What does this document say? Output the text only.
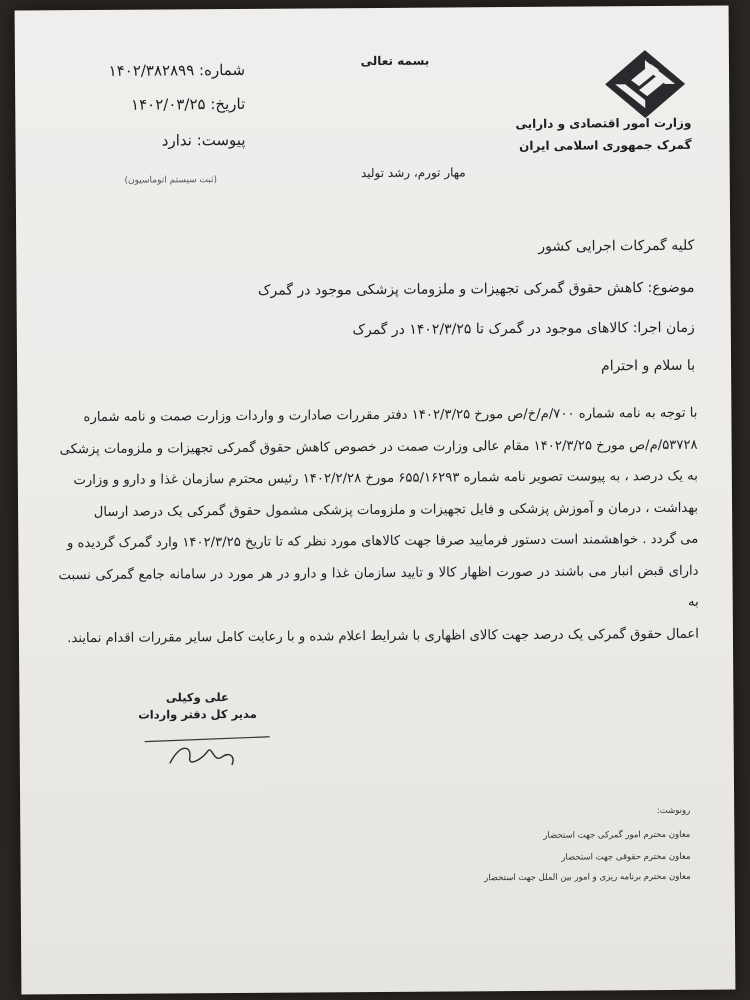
بسمه تعالی
وزارت امور اقتصادی و دارایی
گمرک جمهوری اسلامی ایران
شماره: ۱۴۰۲/۳۸۲۸۹۹
تاریخ: ۱۴۰۲/۰۳/۲۵
پیوست: ندارد
(ثبت سیستم اتوماسیون)
مهار تورم، رشد تولید
کلیه گمرکات اجرایی کشور
موضوع: کاهش حقوق گمرکی تجهیزات و ملزومات پزشکی موجود در گمرک
زمان اجرا: کالاهای موجود در گمرک تا ۱۴۰۲/۳/۲۵ در گمرک
با سلام و احترام
با توجه به نامه شماره ۷۰۰/م/خ/ص مورخ ۱۴۰۲/۳/۲۵ دفتر مقررات صادارت و واردات وزارت صمت و نامه شماره
۵۳۷۲۸/م/ص مورخ ۱۴۰۲/۳/۲۵ مقام عالی وزارت صمت در خصوص کاهش حقوق گمرکی تجهیزات و ملزومات پزشکی
به یک درصد ، به پیوست تصویر نامه شماره ۶۵۵/۱۶۲۹۳ مورخ ۱۴۰۲/۲/۲۸ رئیس محترم سازمان غذا و دارو و وزارت
بهداشت ، درمان و آموزش پزشکی و فایل تجهیزات و ملزومات پزشکی مشمول حقوق گمرکی یک درصد ارسال
می گردد . خواهشمند است دستور فرمایید صرفا جهت کالاهای مورد نظر که تا تاریخ ۱۴۰۲/۳/۲۵ وارد گمرک گردیده و
دارای قبض انبار می باشند در صورت اظهار کالا و تایید سازمان غذا و دارو در هر مورد در سامانه جامع گمرکی نسبت به
اعمال حقوق گمرکی یک درصد جهت کالای اظهاری با شرایط اعلام شده و با رعایت کامل سایر مقررات اقدام نمایند.
علی وکیلی
مدیر کل دفتر واردات
رونوشت:
معاون محترم امور گمرکی جهت استحضار
معاون محترم حقوقی جهت استحضار
معاون محترم برنامه ریزی و امور بین الملل جهت استحضار
